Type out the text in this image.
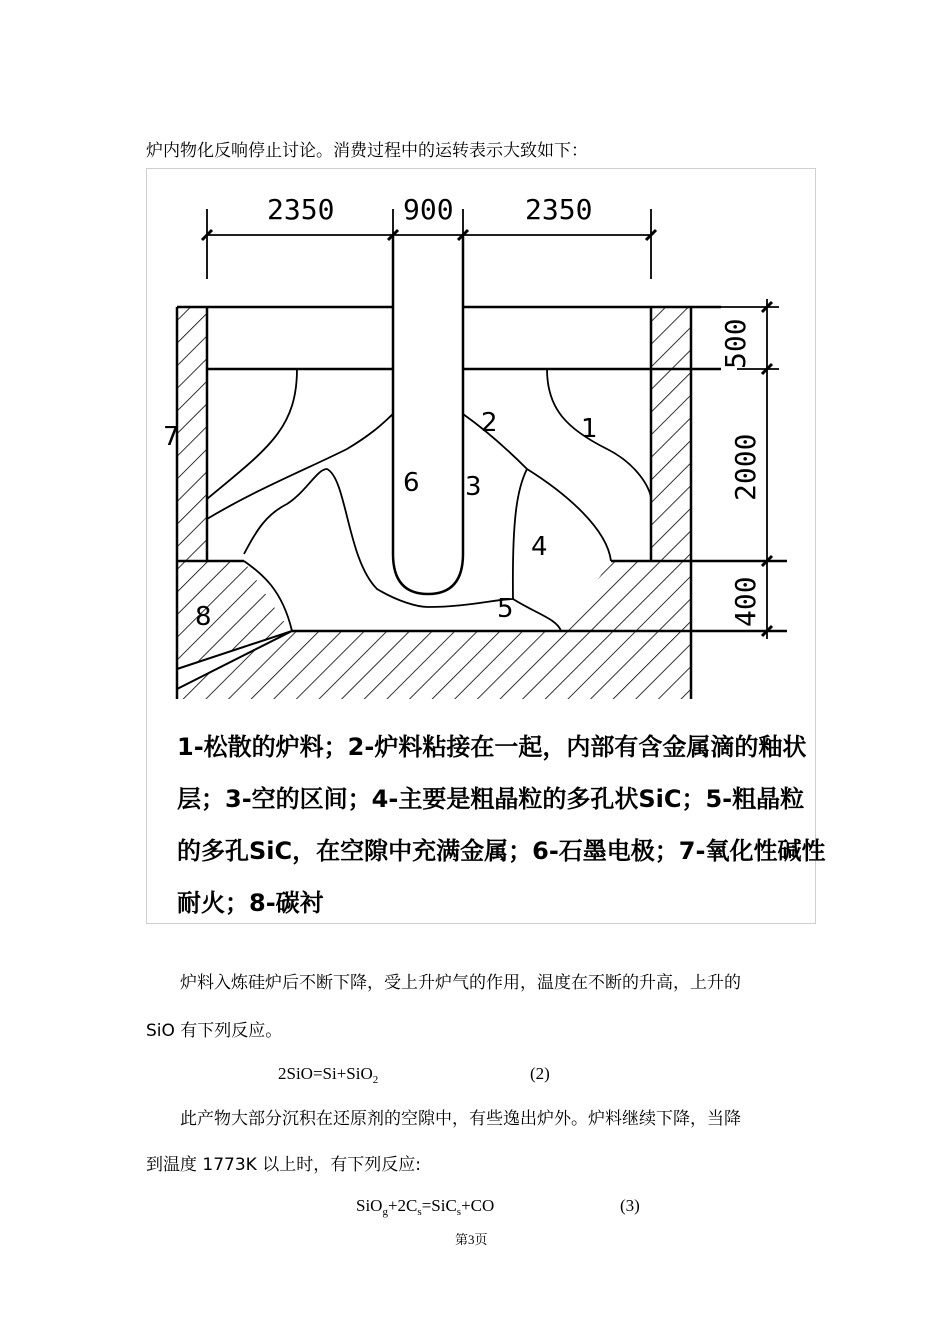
炉内物化反响停止讨论。消费过程中的运转表示大致如下：
2350 900	2350
500
2000
400
1
2
3
4
5
6
7
8
1-松散的炉料；2-炉料粘接在一起，内部有含金属滴的釉状
层；3-空的区间；4-主要是粗晶粒的多孔状SiC；5-粗晶粒
的多孔SiC，在空隙中充满金属；6-石墨电极；7-氧化性碱性
耐火；8-碳衬
炉料入炼硅炉后不断下降，受上升炉气的作用，温度在不断的升高，上升的
SiO 有下列反应。
2SiO=Si+SiO$_2$	(2)
此产物大部分沉积在还原剂的空隙中，有些逸出炉外。炉料继续下降，当降
到温度 1773K 以上时，有下列反应:
$SiO_g+2C_s=SiC_s+CO$	(3)
第3页
